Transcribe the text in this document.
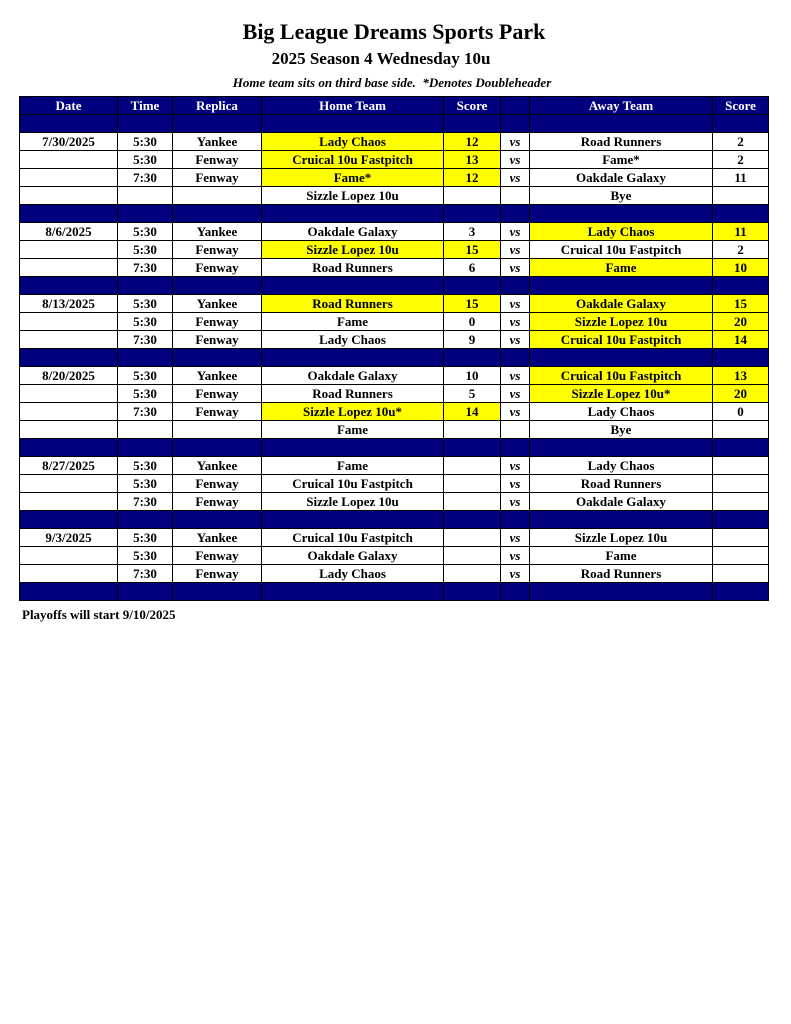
Big League Dreams Sports Park
2025 Season 4 Wednesday 10u
Home team sits on third base side.  *Denotes Doubleheader
Date	Time	Replica	Home Team	Score		Away Team	Score

7/30/2025	5:30	Yankee	Lady Chaos	12	vs	Road Runners	2
	5:30	Fenway	Cruical 10u Fastpitch	13	vs	Fame*	2
	7:30	Fenway	Fame*	12	vs	Oakdale Galaxy	11
			Sizzle Lopez 10u			Bye	

8/6/2025	5:30	Yankee	Oakdale Galaxy	3	vs	Lady Chaos	11
	5:30	Fenway	Sizzle Lopez 10u	15	vs	Cruical 10u Fastpitch	2
	7:30	Fenway	Road Runners	6	vs	Fame	10

8/13/2025	5:30	Yankee	Road Runners	15	vs	Oakdale Galaxy	15
	5:30	Fenway	Fame	0	vs	Sizzle Lopez 10u	20
	7:30	Fenway	Lady Chaos	9	vs	Cruical 10u Fastpitch	14

8/20/2025	5:30	Yankee	Oakdale Galaxy	10	vs	Cruical 10u Fastpitch	13
	5:30	Fenway	Road Runners	5	vs	Sizzle Lopez 10u*	20
	7:30	Fenway	Sizzle Lopez 10u*	14	vs	Lady Chaos	0
			Fame			Bye	

8/27/2025	5:30	Yankee	Fame		vs	Lady Chaos	
	5:30	Fenway	Cruical 10u Fastpitch		vs	Road Runners	
	7:30	Fenway	Sizzle Lopez 10u		vs	Oakdale Galaxy	

9/3/2025	5:30	Yankee	Cruical 10u Fastpitch		vs	Sizzle Lopez 10u	
	5:30	Fenway	Oakdale Galaxy		vs	Fame	
	7:30	Fenway	Lady Chaos		vs	Road Runners	

Playoffs will start 9/10/2025
